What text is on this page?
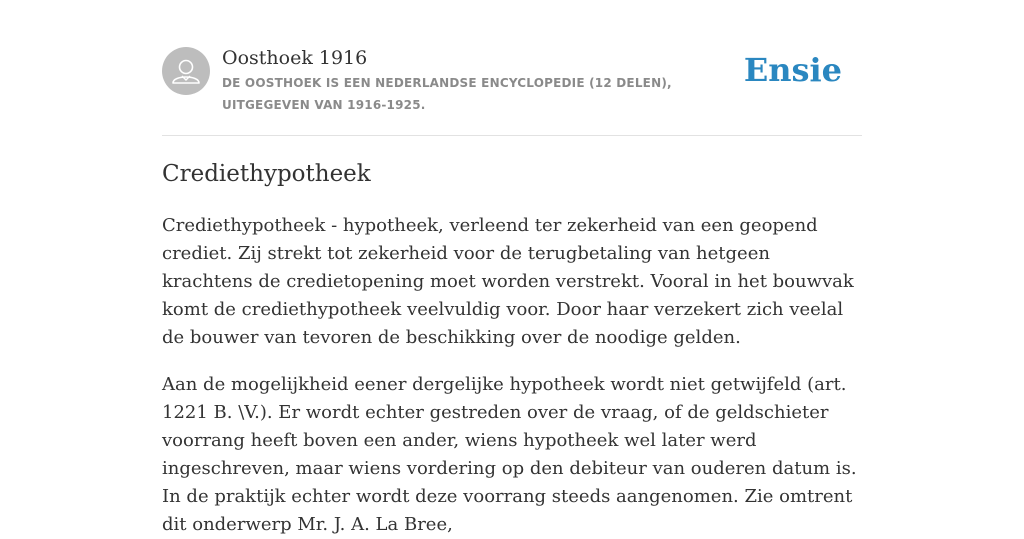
Oosthoek 1916
DE OOSTHOEK IS EEN NEDERLANDSE ENCYCLOPEDIE (12 DELEN), UITGEGEVEN VAN 1916-1925.
Ensie
Crediethypotheek

Crediethypotheek - hypotheek, verleend ter zekerheid van een geopend crediet. Zij strekt tot zekerheid voor de terugbetaling van hetgeen krachtens de credietopening moet worden verstrekt. Vooral in het bouwvak komt de crediethypotheek veelvuldig voor. Door haar verzekert zich veelal de bouwer van tevoren de beschikking over de noodige gelden.

Aan de mogelijkheid eener dergelijke hypotheek wordt niet getwijfeld (art. 1221 B. \V.). Er wordt echter gestreden over de vraag, of de geldschieter voorrang heeft boven een ander, wiens hypotheek wel later werd ingeschreven, maar wiens vordering op den debiteur van ouderen datum is. In de praktijk echter wordt deze voorrang steeds aangenomen. Zie omtrent dit onderwerp Mr. J. A. La Bree,
